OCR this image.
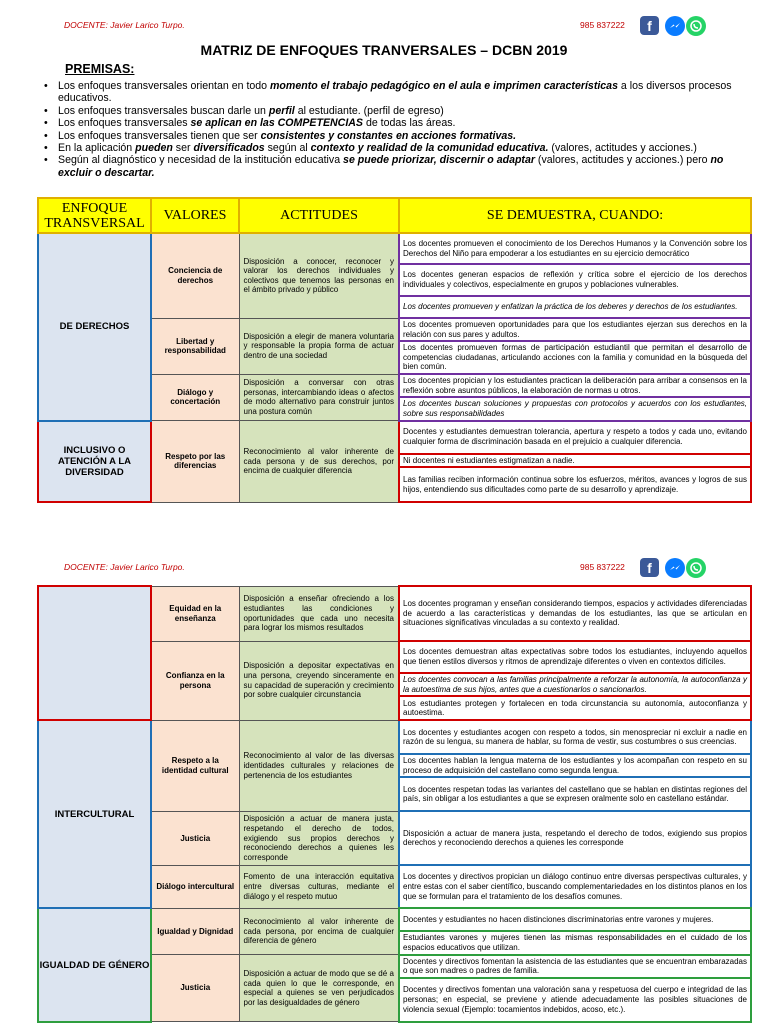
DOCENTE: Javier Larico Turpo.	985 837222	f
MATRIZ DE ENFOQUES TRANVERSALES – DCBN 2019
PREMISAS:
• Los enfoques transversales orientan en todo momento el trabajo pedagógico en el aula e imprimen características a los diversos procesos educativos.
• Los enfoques transversales buscan darle un perfil al estudiante. (perfil de egreso)
• Los enfoques transversales se aplican en las COMPETENCIAS de todas las áreas.
• Los enfoques transversales tienen que ser consistentes y constantes en acciones formativas.
• En la aplicación pueden ser diversificados según al contexto y realidad de la comunidad educativa. (valores, actitudes y acciones.)
• Según al diagnóstico y necesidad de la institución educativa se puede priorizar, discernir o adaptar (valores, actitudes y acciones.) pero no excluir o descartar.
ENFOQUE TRANSVERSAL	VALORES	ACTITUDES	SE DEMUESTRA, CUANDO:
DE DERECHOS	Conciencia de derechos	Disposición a conocer, reconocer y valorar los derechos individuales y colectivos que tenemos las personas en el ámbito privado y público	Los docentes promueven el conocimiento de los Derechos Humanos y la Convención sobre los Derechos del Niño para empoderar a los estudiantes en su ejercicio democrático
			Los docentes generan espacios de reflexión y crítica sobre el ejercicio de los derechos individuales y colectivos, especialmente en grupos y poblaciones vulnerables.
			Los docentes promueven y enfatizan la práctica de los deberes y derechos de los estudiantes.
	Libertad y responsabilidad	Disposición a elegir de manera voluntaria y responsable la propia forma de actuar dentro de una sociedad	Los docentes promueven oportunidades para que los estudiantes ejerzan sus derechos en la relación con sus pares y adultos.
			Los docentes promueven formas de participación estudiantil que permitan el desarrollo de competencias ciudadanas, articulando acciones con la familia y comunidad en la búsqueda del bien común.
	Diálogo y concertación	Disposición a conversar con otras personas, intercambiando ideas o afectos de modo alternativo para construir juntos una postura común	Los docentes propician y los estudiantes practican la deliberación para arribar a consensos en la reflexión sobre asuntos públicos, la elaboración de normas u otros.
			Los docentes buscan soluciones y propuestas con protocolos y acuerdos con los estudiantes, sobre sus responsabilidades
INCLUSIVO O ATENCIÓN A LA DIVERSIDAD	Respeto por las diferencias	Reconocimiento al valor inherente de cada persona y de sus derechos, por encima de cualquier diferencia	Docentes y estudiantes demuestran tolerancia, apertura y respeto a todos y cada uno, evitando cualquier forma de discriminación basada en el prejuicio a cualquier diferencia.
			Ni docentes ni estudiantes estigmatizan a nadie.
			Las familias reciben información continua sobre los esfuerzos, méritos, avances y logros de sus hijos, entendiendo sus dificultades como parte de su desarrollo y aprendizaje.
DOCENTE: Javier Larico Turpo.	985 837222	f
	Equidad en la enseñanza	Disposición a enseñar ofreciendo a los estudiantes las condiciones y oportunidades que cada uno necesita para lograr los mismos resultados	Los docentes programan y enseñan considerando tiempos, espacios y actividades diferenciadas de acuerdo a las características y demandas de los estudiantes, las que se articulan en situaciones significativas vinculadas a su contexto y realidad.
	Confianza en la persona	Disposición a depositar expectativas en una persona, creyendo sinceramente en su capacidad de superación y crecimiento por sobre cualquier circunstancia	Los docentes demuestran altas expectativas sobre todos los estudiantes, incluyendo aquellos que tienen estilos diversos y ritmos de aprendizaje diferentes o viven en contextos difíciles.
			Los docentes convocan a las familias principalmente a reforzar la autonomía, la autoconfianza y la autoestima de sus hijos, antes que a cuestionarlos o sancionarlos.
			Los estudiantes protegen y fortalecen en toda circunstancia su autonomía, autoconfianza y autoestima.
INTERCULTURAL	Respeto a la identidad cultural	Reconocimiento al valor de las diversas identidades culturales y relaciones de pertenencia de los estudiantes	Los docentes y estudiantes acogen con respeto a todos, sin menospreciar ni excluir a nadie en razón de su lengua, su manera de hablar, su forma de vestir, sus costumbres o sus creencias.
			Los docentes hablan la lengua materna de los estudiantes y los acompañan con respeto en su proceso de adquisición del castellano como segunda lengua.
			Los docentes respetan todas las variantes del castellano que se hablan en distintas regiones del país, sin obligar a los estudiantes a que se expresen oralmente solo en castellano estándar.
	Justicia	Disposición a actuar de manera justa, respetando el derecho de todos, exigiendo sus propios derechos y reconociendo derechos a quienes les corresponde	Disposición a actuar de manera justa, respetando el derecho de todos, exigiendo sus propios derechos y reconociendo derechos a quienes les corresponde
	Diálogo intercultural	Fomento de una interacción equitativa entre diversas culturas, mediante el diálogo y el respeto mutuo	Los docentes y directivos propician un diálogo continuo entre diversas perspectivas culturales, y entre estas con el saber científico, buscando complementariedades en los distintos planos en los que se formulan para el tratamiento de los desafíos comunes.

IGUALDAD DE GÉNERO	Igualdad y Dignidad	Reconocimiento al valor inherente de cada persona, por encima de cualquier diferencia de género	Docentes y estudiantes no hacen distinciones discriminatorias entre varones y mujeres.
			Estudiantes varones y mujeres tienen las mismas responsabilidades en el cuidado de los espacios educativos que utilizan.
	Justicia	Disposición a actuar de modo que se dé a cada quien lo que le corresponde, en especial a quienes se ven perjudicados por las desigualdades de género	Docentes y directivos fomentan la asistencia de las estudiantes que se encuentran embarazadas o que son madres o padres de familia.
			Docentes y directivos fomentan una valoración sana y respetuosa del cuerpo e integridad de las personas; en especial, se previene y atiende adecuadamente las posibles situaciones de violencia sexual (Ejemplo: tocamientos indebidos, acoso, etc.).
